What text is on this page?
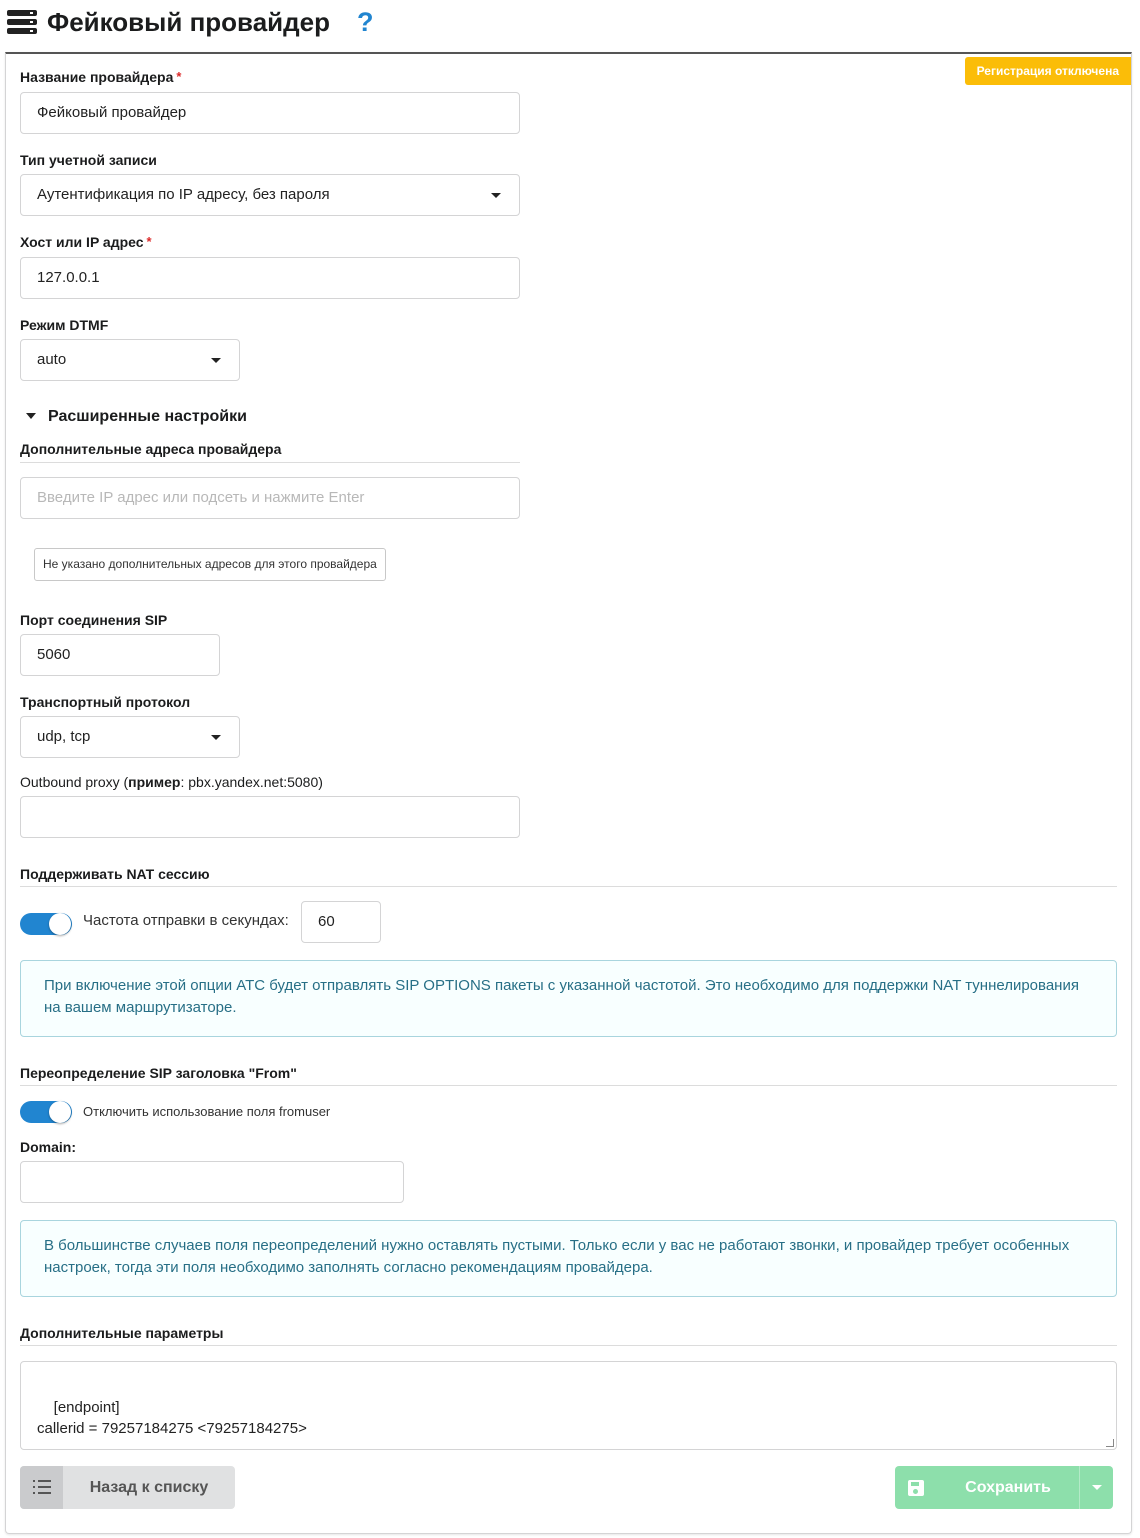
Фейковый провайдер ?
Регистрация отключена
Название провайдера *
Фейковый провайдер
Тип учетной записи
Аутентификация по IP адресу, без пароля
Хост или IP адрес *
127.0.0.1
Режим DTMF
auto
Расширенные настройки
Дополнительные адреса провайдера
Введите IP адрес или подсеть и нажмите Enter
Не указано дополнительных адресов для этого провайдера
Порт соединения SIP
5060
Транспортный протокол
udp, tcp
Outbound proxy (пример: pbx.yandex.net:5080)
Поддерживать NAT сессию
Частота отправки в секундах:	60
При включение этой опции АТС будет отправлять SIP OPTIONS пакеты с указанной частотой. Это необходимо для поддержки NAT туннелирования на вашем маршрутизаторе.
Переопределение SIP заголовка "From"
Отключить использование поля fromuser
Domain:
В большинстве случаев поля переопределений нужно оставлять пустыми. Только если у вас не работают звонки, и провайдер требует особенных настроек, тогда эти поля необходимо заполнять согласно рекомендациям провайдера.
Дополнительные параметры

[endpoint]
callerid = 79257184275 <79257184275>

Назад к списку	Сохранить
